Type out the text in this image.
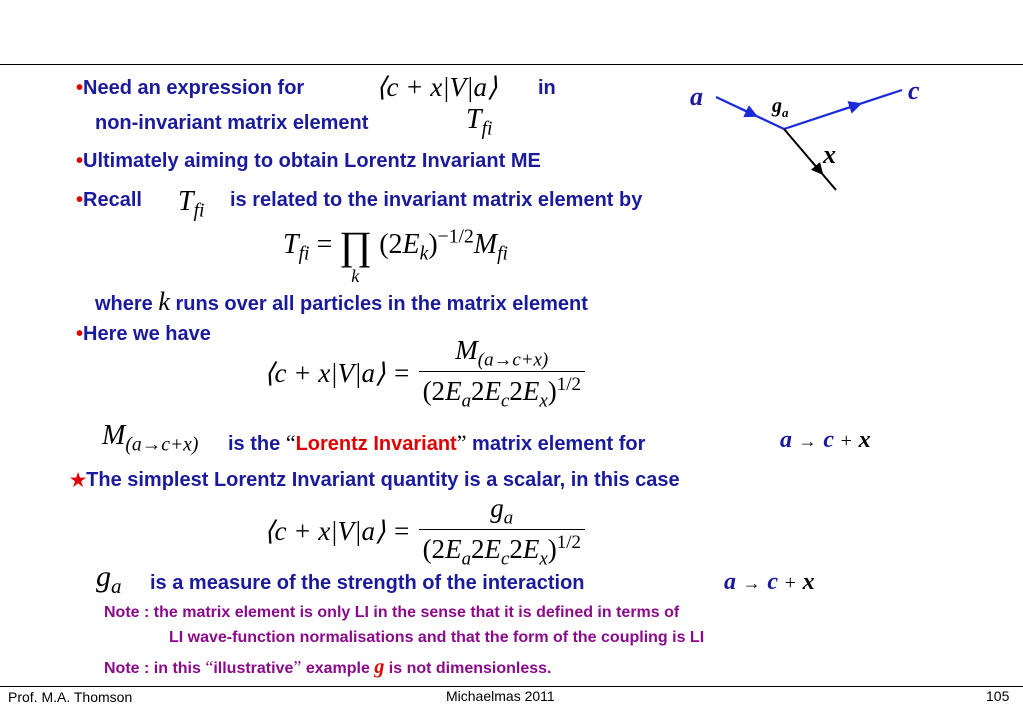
•Need an expression for	⟨c + x|V|a⟩ in
non-invariant matrix element	$T_{fi}$
•Ultimately aiming to obtain Lorentz Invariant ME
•Recall $T_{fi}$
is related to the invariant matrix element by
$T_{fi}$ = ∏
k
$(2E_k)^{-1/2}M_{fi}$
where k runs over all particles in the matrix element
•Here we have
⟨c + x|V|a⟩ = $\frac{M_{(a\to c+x)}}{(2E_a2E_c2E_x)^{1/2}}$
$M_{(a\to c+x)}$ is the “Lorentz Invariant” matrix element for	a → c + x
★The simplest Lorentz Invariant quantity is a scalar, in this case
⟨c + x|V|a⟩ = $\frac{g_a}{(2E_a2E_c2E_x)^{1/2}}$
$g_a$ is a measure of the strength of the interaction	a → c + x
Note : the matrix element is only LI in the sense that it is defined in terms of
LI wave-function normalisations and that the form of the coupling is LI
Note : in this “illustrative” example g is not dimensionless.
a	c
x
$g_a$
Prof. M.A. Thomson	Michaelmas 2011	105
